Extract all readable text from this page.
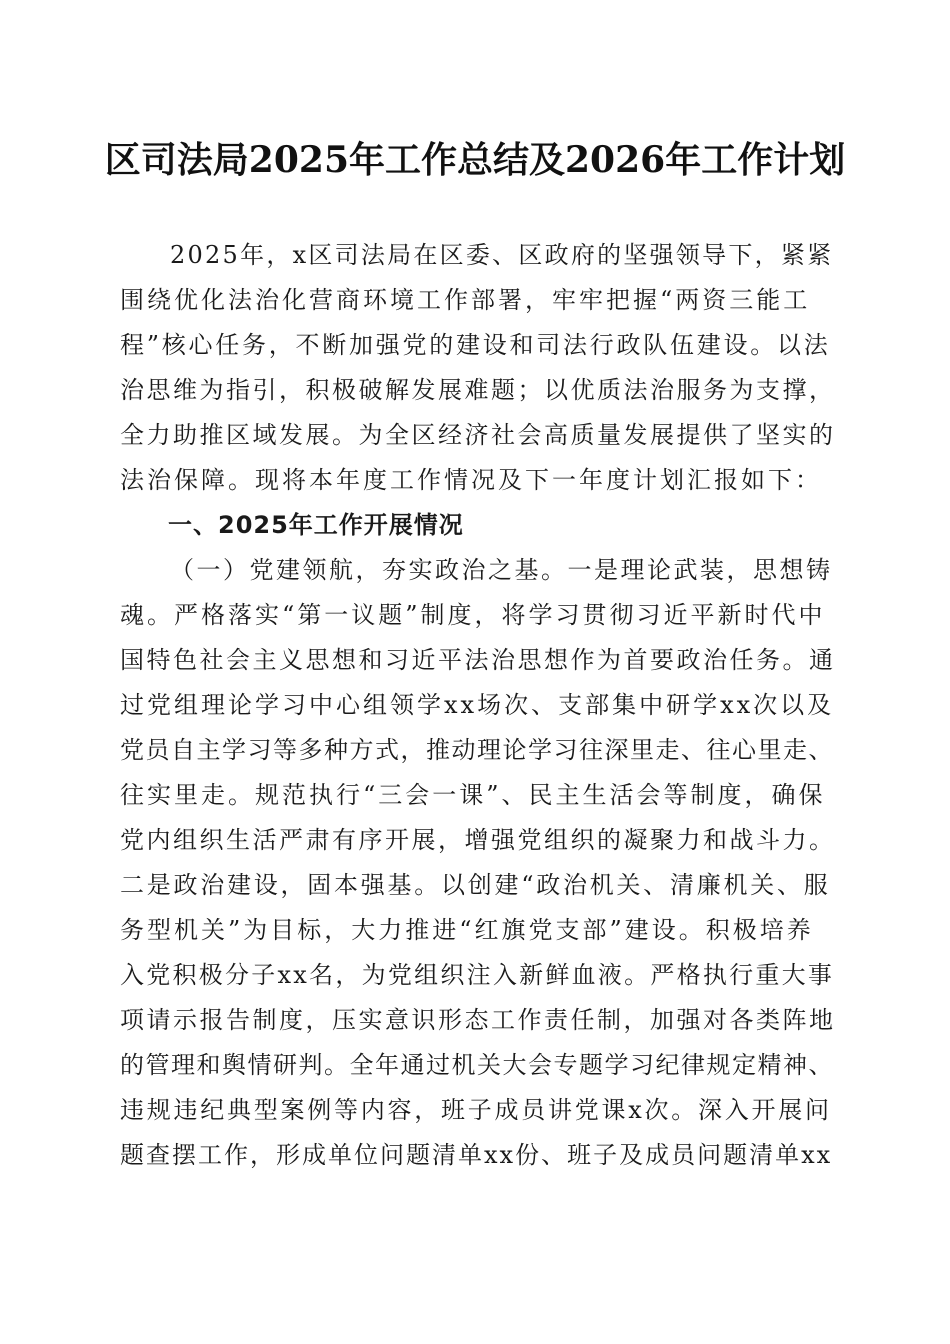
区司法局2025年工作总结及2026年工作计划
2025年，x区司法局在区委、区政府的坚强领导下，紧紧
围绕优化法治化营商环境工作部署，牢牢把握“两资三能工
程”核心任务，不断加强党的建设和司法行政队伍建设。以法
治思维为指引，积极破解发展难题；以优质法治服务为支撑，
全力助推区域发展。为全区经济社会高质量发展提供了坚实的
法治保障。现将本年度工作情况及下一年度计划汇报如下：
一、2025年工作开展情况
（一）党建领航，夯实政治之基。一是理论武装，思想铸
魂。严格落实“第一议题”制度，将学习贯彻习近平新时代中
国特色社会主义思想和习近平法治思想作为首要政治任务。通
过党组理论学习中心组领学xx场次、支部集中研学xx次以及
党员自主学习等多种方式，推动理论学习往深里走、往心里走、
往实里走。规范执行“三会一课”、民主生活会等制度，确保
党内组织生活严肃有序开展，增强党组织的凝聚力和战斗力。
二是政治建设，固本强基。以创建“政治机关、清廉机关、服
务型机关”为目标，大力推进“红旗党支部”建设。积极培养
入党积极分子xx名，为党组织注入新鲜血液。严格执行重大事
项请示报告制度，压实意识形态工作责任制，加强对各类阵地
的管理和舆情研判。全年通过机关大会专题学习纪律规定精神、
违规违纪典型案例等内容，班子成员讲党课x次。深入开展问
题查摆工作，形成单位问题清单xx份、班子及成员问题清单xx
